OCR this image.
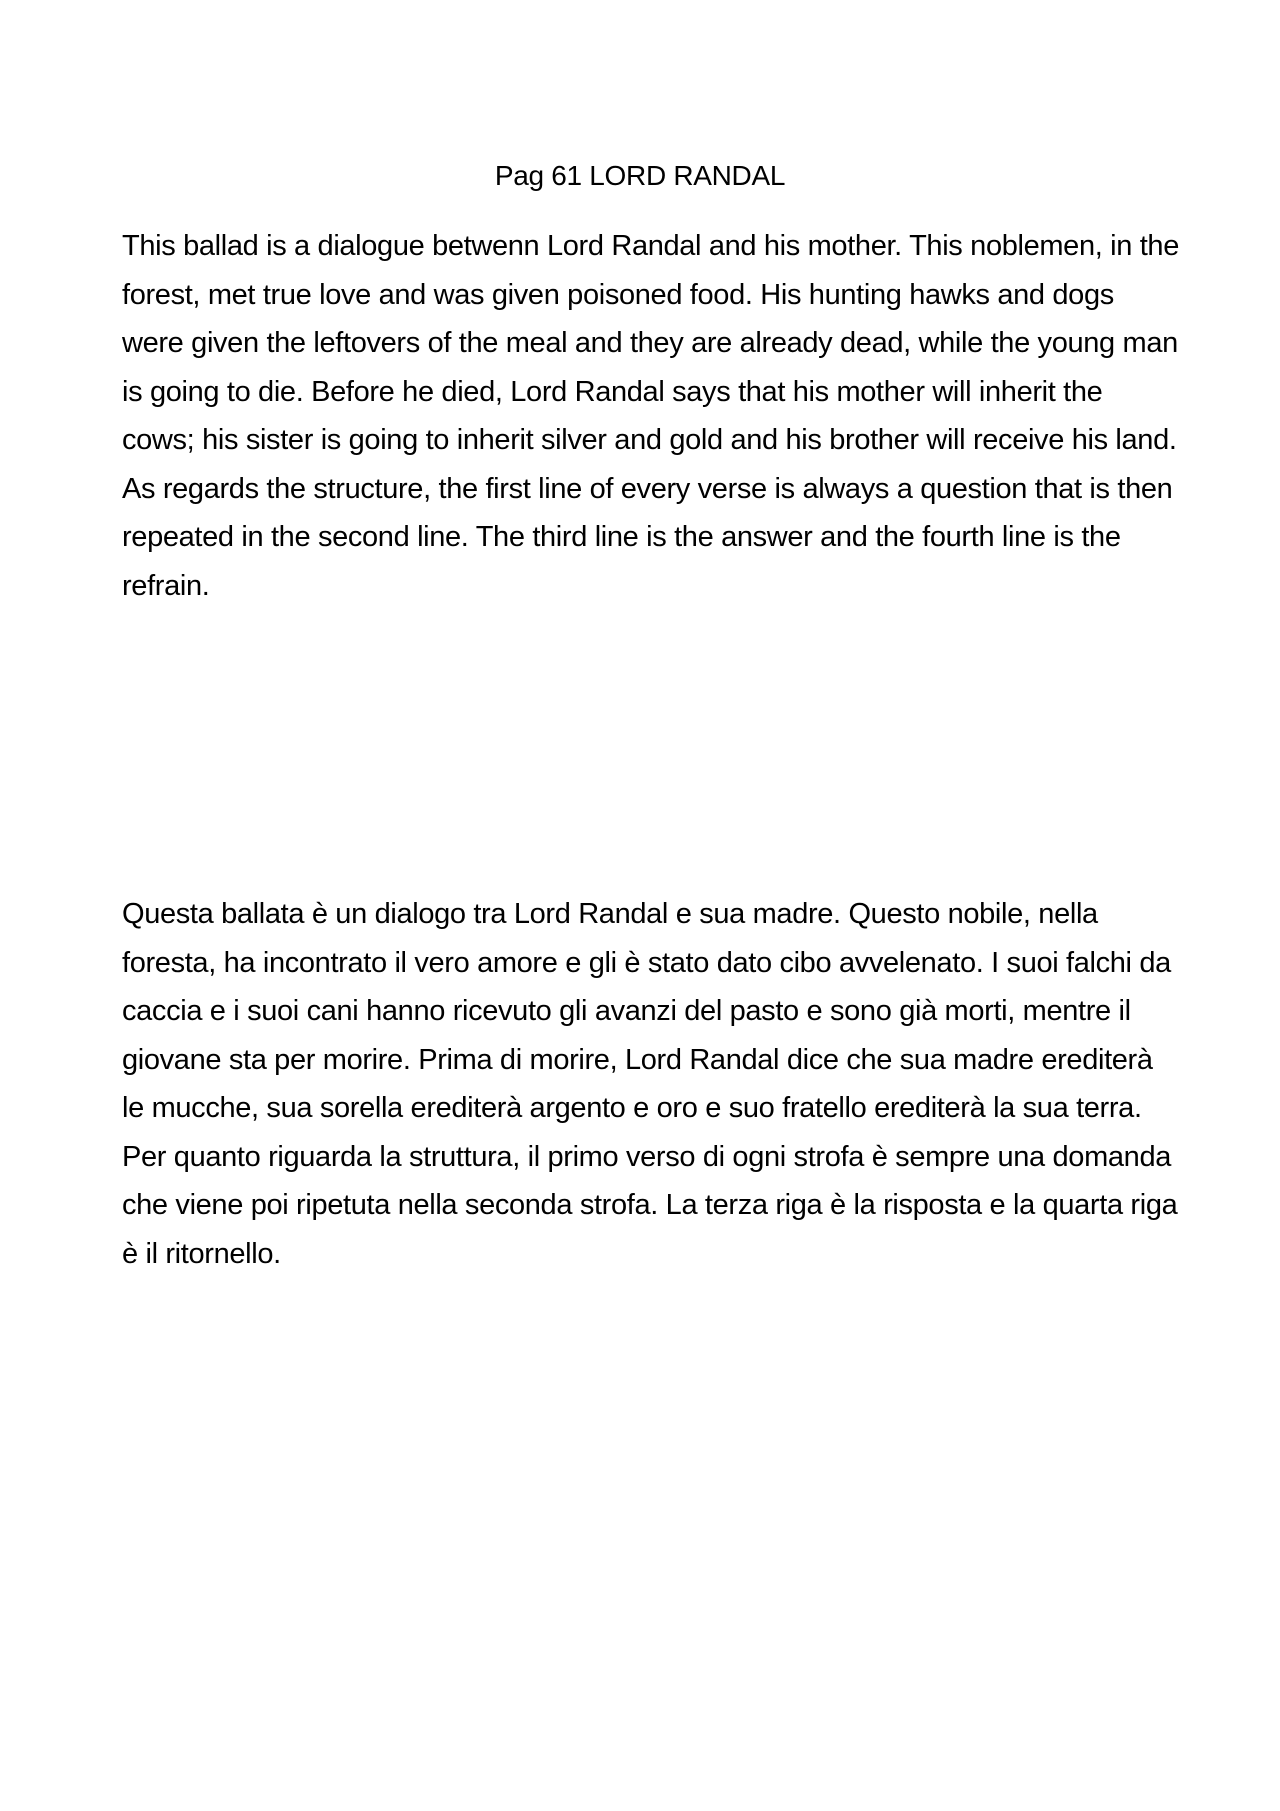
Pag 61 LORD RANDAL

This ballad is a dialogue betwenn Lord Randal and his mother. This noblemen, in the forest, met true love and was given poisoned food. His hunting hawks and dogs were given the leftovers of the meal and they are already dead, while the young man is going to die. Before he died, Lord Randal says that his mother will inherit the cows; his sister is going to inherit silver and gold and his brother will receive his land. As regards the structure, the first line of every verse is always a question that is then repeated in the second line. The third line is the answer and the fourth line is the refrain.

Questa ballata è un dialogo tra Lord Randal e sua madre. Questo nobile, nella foresta, ha incontrato il vero amore e gli è stato dato cibo avvelenato. I suoi falchi da caccia e i suoi cani hanno ricevuto gli avanzi del pasto e sono già morti, mentre il giovane sta per morire. Prima di morire, Lord Randal dice che sua madre erediterà le mucche, sua sorella erediterà argento e oro e suo fratello erediterà la sua terra. Per quanto riguarda la struttura, il primo verso di ogni strofa è sempre una domanda che viene poi ripetuta nella seconda strofa. La terza riga è la risposta e la quarta riga è il ritornello.
